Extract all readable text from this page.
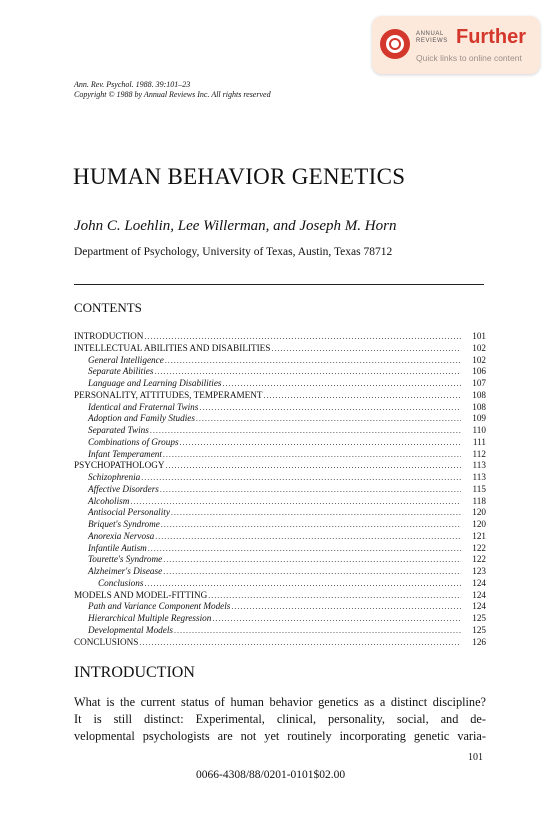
ANNUAL REVIEWS Further
Quick links to online content
Ann. Rev. Psychol. 1988. 39:101–23
Copyright © 1988 by Annual Reviews Inc. All rights reserved
HUMAN BEHAVIOR GENETICS
John C. Loehlin, Lee Willerman, and Joseph M. Horn
Department of Psychology, University of Texas, Austin, Texas 78712
CONTENTS
INTRODUCTION .....	101
INTELLECTUAL ABILITIES AND DISABILITIES .....	102
General Intelligence .....	102
Separate Abilities .....	106
Language and Learning Disabilities .....	107
PERSONALITY, ATTITUDES, TEMPERAMENT .....	108
Identical and Fraternal Twins .....	108
Adoption and Family Studies .....	109
Separated Twins .....	110
Combinations of Groups .....	111
Infant Temperament .....	112
PSYCHOPATHOLOGY .....	113
Schizophrenia .....	113
Affective Disorders .....	115
Alcoholism .....	118
Antisocial Personality .....	120
Briquet's Syndrome .....	120
Anorexia Nervosa .....	121
Infantile Autism .....	122
Tourette's Syndrome .....	122
Alzheimer's Disease .....	123
Conclusions .....	124
MODELS AND MODEL-FITTING .....	124
Path and Variance Component Models .....	124
Hierarchical Multiple Regression .....	125
Developmental Models .....	125
CONCLUSIONS .....	126
INTRODUCTION
What is the current status of human behavior genetics as a distinct discipline?
It is still distinct: Experimental, clinical, personality, social, and de-
velopmental psychologists are not yet routinely incorporating genetic varia-
101
0066-4308/88/0201-0101$02.00
